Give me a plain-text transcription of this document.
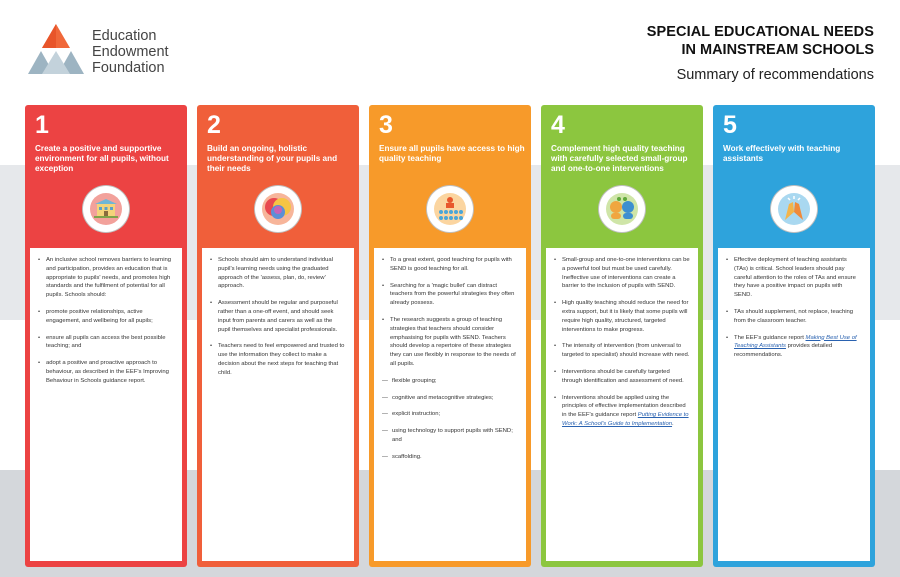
Education
Endowment
Foundation
SPECIAL EDUCATIONAL NEEDS
IN MAINSTREAM SCHOOLS
Summary of recommendations
1
Create a positive and supportive environment for all pupils, without exception
• An inclusive school removes barriers to learning and participation, provides an education that is appropriate to pupils' needs, and promotes high standards and the fulfilment of potential for all pupils. Schools should:
• promote positive relationships, active engagement, and wellbeing for all pupils;
• ensure all pupils can access the best possible teaching; and
• adopt a positive and proactive approach to behaviour, as described in the EEF's Improving Behaviour in Schools guidance report.
2
Build an ongoing, holistic understanding of your pupils and their needs
• Schools should aim to understand individual pupil's learning needs using the graduated approach of the 'assess, plan, do, review' approach.
• Assessment should be regular and purposeful rather than a one-off event, and should seek input from parents and carers as well as the pupil themselves and specialist professionals.
• Teachers need to feel empowered and trusted to use the information they collect to make a decision about the next steps for teaching that child.
3
Ensure all pupils have access to high quality teaching
• To a great extent, good teaching for pupils with SEND is good teaching for all.
• Searching for a 'magic bullet' can distract teachers from the powerful strategies they often already possess.
• The research suggests a group of teaching strategies that teachers should consider emphasising for pupils with SEND. Teachers should develop a repertoire of these strategies they can use flexibly in response to the needs of all pupils.
— flexible grouping;
— cognitive and metacognitive strategies;
— explicit instruction;
— using technology to support pupils with SEND; and
— scaffolding.
4
Complement high quality teaching with carefully selected small-group and one-to-one interventions
• Small-group and one-to-one interventions can be a powerful tool but must be used carefully. Ineffective use of interventions can create a barrier to the inclusion of pupils with SEND.
• High quality teaching should reduce the need for extra support, but it is likely that some pupils will require high quality, structured, targeted interventions to make progress.
• The intensity of intervention (from universal to targeted to specialist) should increase with need.
• Interventions should be carefully targeted through identification and assessment of need.
• Interventions should be applied using the principles of effective implementation described in the EEF's guidance report Putting Evidence to Work: A School's Guide to Implementation.
5
Work effectively with teaching assistants
• Effective deployment of teaching assistants (TAs) is critical. School leaders should pay careful attention to the roles of TAs and ensure they have a positive impact on pupils with SEND.
• TAs should supplement, not replace, teaching from the classroom teacher.
• The EEF's guidance report Making Best Use of Teaching Assistants provides detailed recommendations.
